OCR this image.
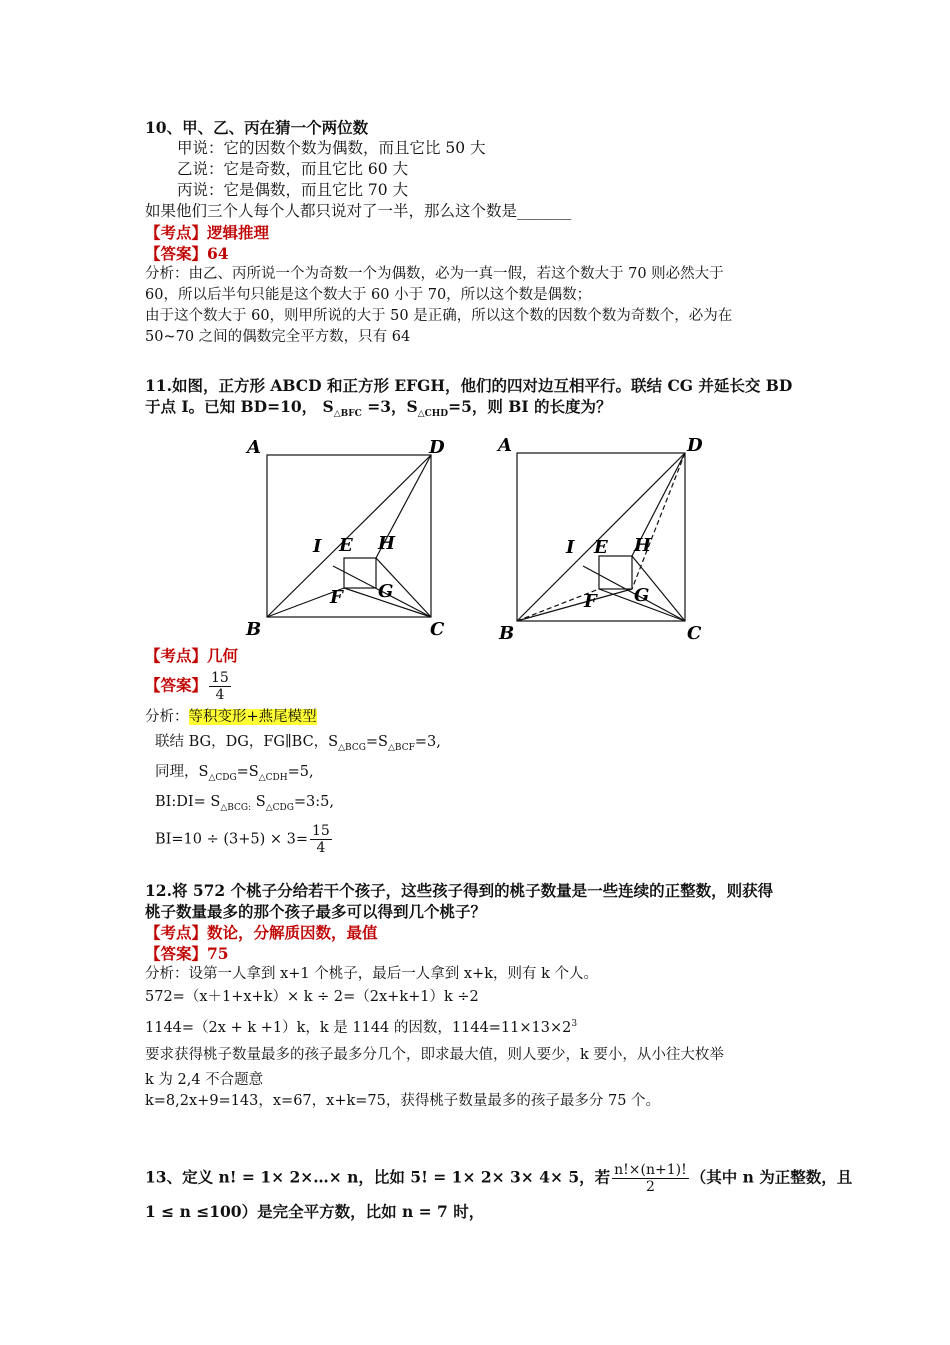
10、甲、乙、丙在猜一个两位数
甲说：它的因数个数为偶数，而且它比 50 大
乙说：它是奇数，而且它比 60 大
丙说：它是偶数，而且它比 70 大
如果他们三个人每个人都只说对了一半，那么这个数是_______
【考点】逻辑推理
【答案】64
分析：由乙、丙所说一个为奇数一个为偶数，必为一真一假，若这个数大于 70 则必然大于
60，所以后半句只能是这个数大于 60 小于 70，所以这个数是偶数；
由于这个数大于 60，则甲所说的大于 50 是正确，所以这个数的因数个数为奇数个，必为在
50~70 之间的偶数完全平方数，只有 64
11.如图，正方形 ABCD 和正方形 EFGH，他们的四对边互相平行。联结 CG 并延长交 BD
于点 I。已知 BD=10， $S_{\triangle BFC} =3$，$S_{\triangle CHD}=5$，则 BI 的长度为？
A	D
B	C
I E H
G
F
A	D
B	C
I E H
G
F
【考点】几何
【答案】 $\frac{15}{4}$
分析：等积变形+燕尾模型
联结 BG，DG，FG∥BC，$S_{\triangle BCG}=S_{\triangle BCF}=3$,
同理，$S_{\triangle CDG}=S_{\triangle CDH}=5$,
BI:DI= $S_{\triangle BCG:}$ $S_{\triangle CDG}=3:5$,
$BI=10 \div (3+5) \times 3= \frac{15}{4}$
12.将 572 个桃子分给若干个孩子，这些孩子得到的桃子数量是一些连续的正整数，则获得
桃子数量最多的那个孩子最多可以得到几个桃子？
【考点】数论，分解质因数，最值
【答案】75
分析：设第一人拿到 x+1 个桃子，最后一人拿到 x+k，则有 k 个人。
572=（x＋1+x+k）× k ÷ 2=（2x+k+1）k ÷2
1144=（2x + k +1）k，k 是 1144 的因数，$1144=11\times 13\times 2^3$
要求获得桃子数量最多的孩子最多分几个，即求最大值，则人要少，k 要小，从小往大枚举
k 为 2,4 不合题意
k=8,2x+9=143，x=67，x+k=75，获得桃子数量最多的孩子最多分 75 个。
13、定义 n! = 1× 2×…× n，比如 5! = 1× 2× 3× 4× 5，若 $\frac{n!\times(n+1)!}{2}$ （其中 n 为正整数，且
1 ≤ n ≤100）是完全平方数，比如 n = 7 时，
